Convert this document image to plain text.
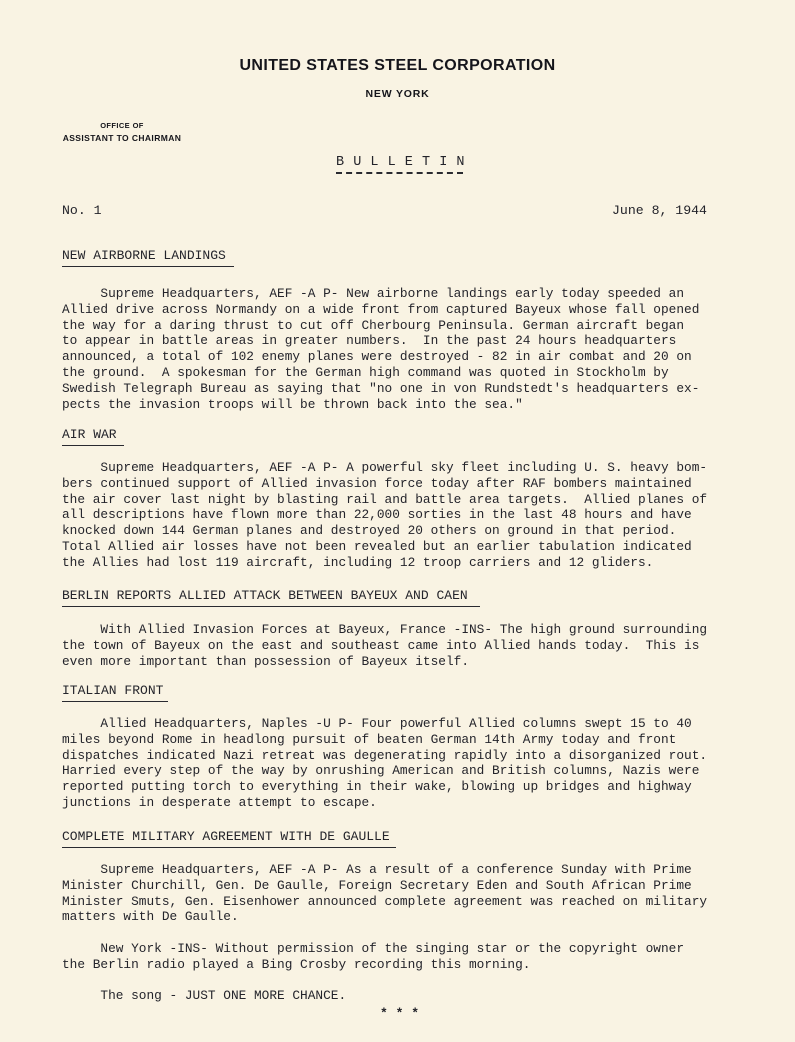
UNITED STATES STEEL CORPORATION
NEW YORK
OFFICE OF
ASSISTANT TO CHAIRMAN
B U L L E T I N
No. 1	June 8, 1944
NEW AIRBORNE LANDINGS
Supreme Headquarters, AEF -A P- New airborne landings early today speeded an
Allied drive across Normandy on a wide front from captured Bayeux whose fall opened
the way for a daring thrust to cut off Cherbourg Peninsula. German aircraft began
to appear in battle areas in greater numbers.  In the past 24 hours headquarters
announced, a total of 102 enemy planes were destroyed - 82 in air combat and 20 on
the ground.  A spokesman for the German high command was quoted in Stockholm by
Swedish Telegraph Bureau as saying that "no one in von Rundstedt's headquarters ex-
pects the invasion troops will be thrown back into the sea."
AIR WAR
Supreme Headquarters, AEF -A P- A powerful sky fleet including U. S. heavy bom-
bers continued support of Allied invasion force today after RAF bombers maintained
the air cover last night by blasting rail and battle area targets.  Allied planes of
all descriptions have flown more than 22,000 sorties in the last 48 hours and have
knocked down 144 German planes and destroyed 20 others on ground in that period.
Total Allied air losses have not been revealed but an earlier tabulation indicated
the Allies had lost 119 aircraft, including 12 troop carriers and 12 gliders.
BERLIN REPORTS ALLIED ATTACK BETWEEN BAYEUX AND CAEN
With Allied Invasion Forces at Bayeux, France -INS- The high ground surrounding
the town of Bayeux on the east and southeast came into Allied hands today.  This is
even more important than possession of Bayeux itself.
ITALIAN FRONT
Allied Headquarters, Naples -U P- Four powerful Allied columns swept 15 to 40
miles beyond Rome in headlong pursuit of beaten German 14th Army today and front
dispatches indicated Nazi retreat was degenerating rapidly into a disorganized rout.
Harried every step of the way by onrushing American and British columns, Nazis were
reported putting torch to everything in their wake, blowing up bridges and highway
junctions in desperate attempt to escape.
COMPLETE MILITARY AGREEMENT WITH DE GAULLE
Supreme Headquarters, AEF -A P- As a result of a conference Sunday with Prime
Minister Churchill, Gen. De Gaulle, Foreign Secretary Eden and South African Prime
Minister Smuts, Gen. Eisenhower announced complete agreement was reached on military
matters with De Gaulle.
New York -INS- Without permission of the singing star or the copyright owner
the Berlin radio played a Bing Crosby recording this morning.
The song - JUST ONE MORE CHANCE.
* * *
